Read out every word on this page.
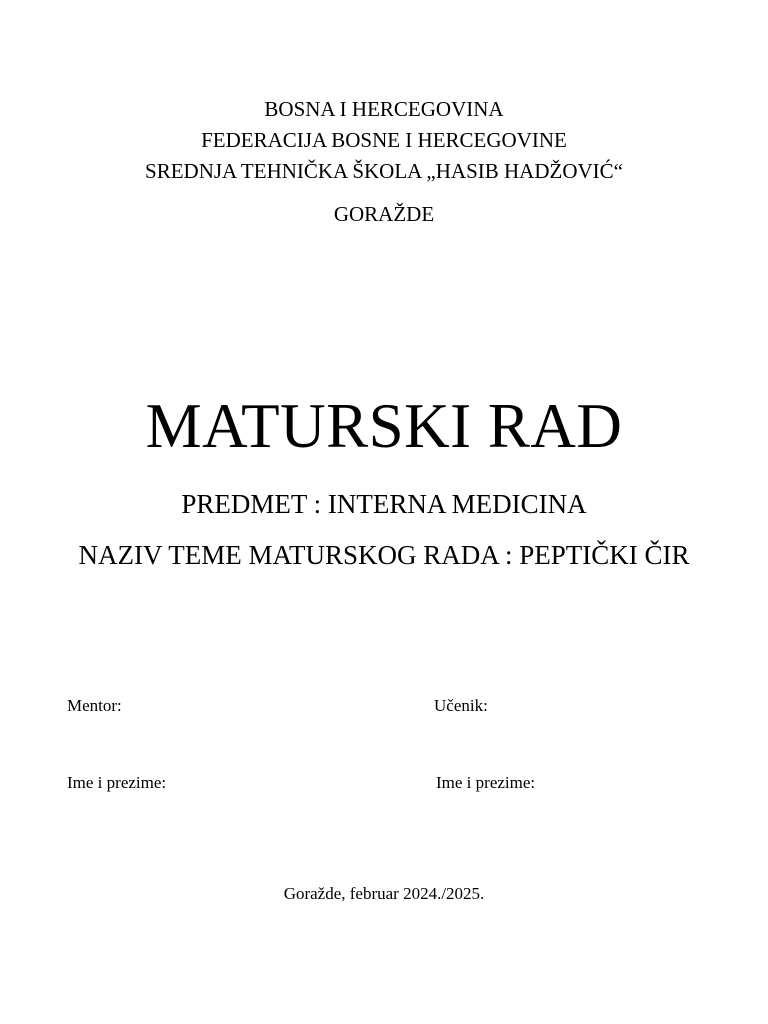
BOSNA I HERCEGOVINA
FEDERACIJA BOSNE I HERCEGOVINE
SREDNJA TEHNIČKA ŠKOLA „HASIB HADŽOVIĆ“
GORAŽDE
MATURSKI RAD
PREDMET : INTERNA MEDICINA
NAZIV TEME MATURSKOG RADA : PEPTIČKI ČIR
Mentor:	Učenik:
Ime i prezime:	Ime i prezime:
Goražde, februar 2024./2025.
